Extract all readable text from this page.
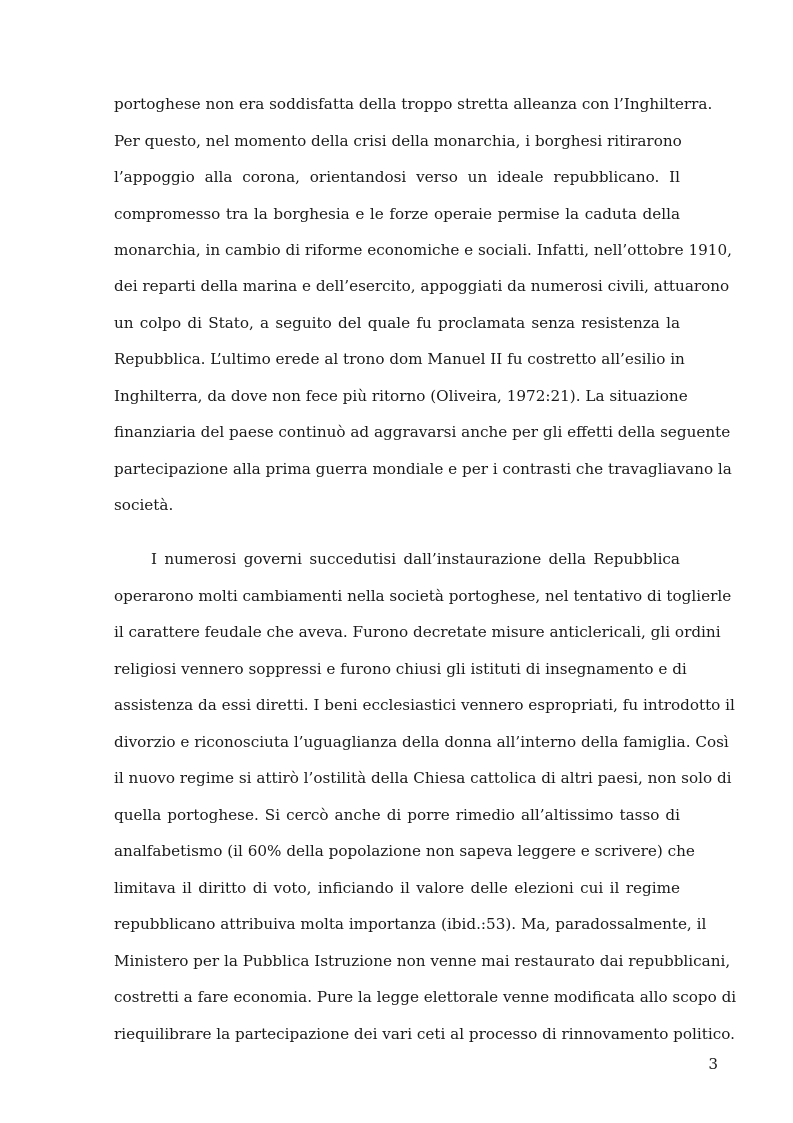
portoghese non era soddisfatta della troppo stretta alleanza con l’Inghilterra.
Per questo, nel momento della crisi della monarchia, i borghesi ritirarono
l’appoggio alla corona, orientandosi verso un ideale repubblicano. Il
compromesso tra la borghesia e le forze operaie permise la caduta della
monarchia, in cambio di riforme economiche e sociali. Infatti, nell’ottobre 1910,
dei reparti della marina e dell’esercito, appoggiati da numerosi civili, attuarono
un colpo di Stato, a seguito del quale fu proclamata senza resistenza la
Repubblica. L’ultimo erede al trono dom Manuel II fu costretto all’esilio in
Inghilterra, da dove non fece più ritorno (Oliveira, 1972:21). La situazione
finanziaria del paese continuò ad aggravarsi anche per gli effetti della seguente
partecipazione alla prima guerra mondiale e per i contrasti che travagliavano la
società.
I numerosi governi succedutisi dall’instaurazione della Repubblica
operarono molti cambiamenti nella società portoghese, nel tentativo di toglierle
il carattere feudale che aveva. Furono decretate misure anticlericali, gli ordini
religiosi vennero soppressi e furono chiusi gli istituti di insegnamento e di
assistenza da essi diretti. I beni ecclesiastici vennero espropriati, fu introdotto il
divorzio e riconosciuta l’uguaglianza della donna all’interno della famiglia. Così
il nuovo regime si attirò l’ostilità della Chiesa cattolica di altri paesi, non solo di
quella portoghese. Si cercò anche di porre rimedio all’altissimo tasso di
analfabetismo (il 60% della popolazione non sapeva leggere e scrivere) che
limitava il diritto di voto, inficiando il valore delle elezioni cui il regime
repubblicano attribuiva molta importanza (ibid.:53). Ma, paradossalmente, il
Ministero per la Pubblica Istruzione non venne mai restaurato dai repubblicani,
costretti a fare economia. Pure la legge elettorale venne modificata allo scopo di
riequilibrare la partecipazione dei vari ceti al processo di rinnovamento politico.
3
